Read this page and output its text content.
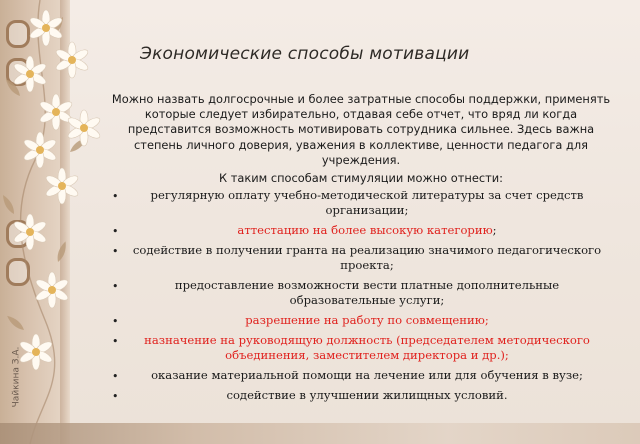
Чайкина З.А.
Экономические способы мотивации
Можно назвать долгосрочные и более затратные способы поддержки, применять которые следует избирательно, отдавая себе отчет, что вряд ли когда представится возможность мотивировать сотрудника сильнее. Здесь важна степень личного доверия, уважения в коллективе, ценности педагога для учреждения.
К таким способам стимуляции можно отнести:
•	регулярную оплату учебно-методической литературы за счет средств организации;
•	аттестацию на более высокую категорию;
• содействие в получении гранта на реализацию значимого педагогического проекта;
•	предоставление возможности вести платные дополнительные образовательные услуги;
•	разрешение на работу по совмещению;
• назначение на руководящую должность (председателем методического объединения, заместителем директора и др.);
•	оказание материальной помощи на лечение или для обучения в вузе;
•	содействие в улучшении жилищных условий.
